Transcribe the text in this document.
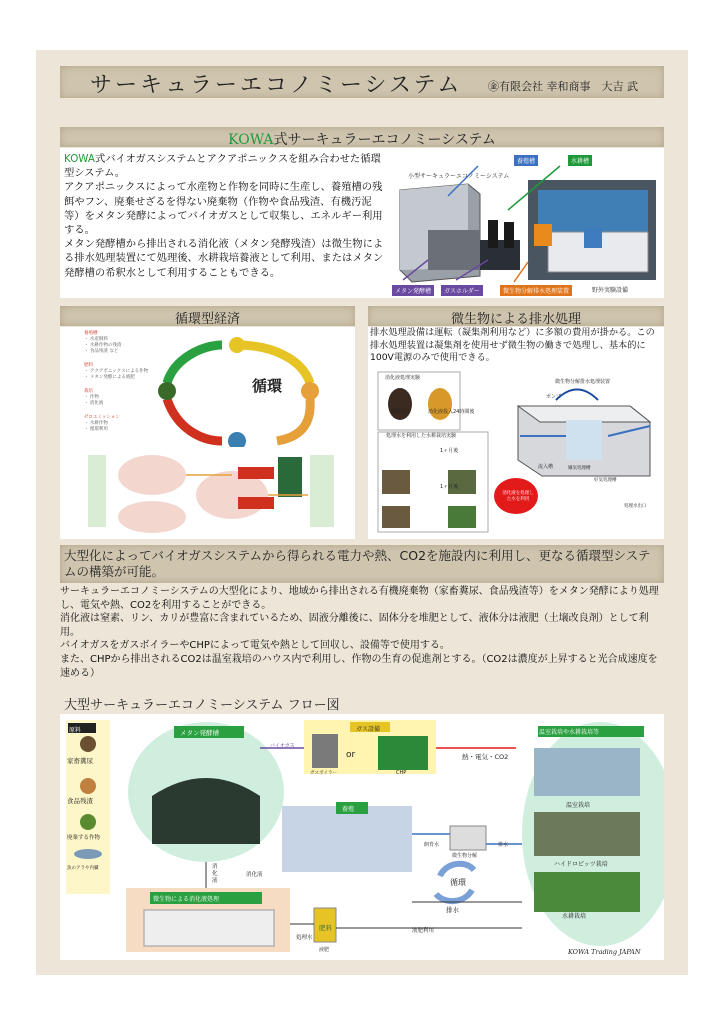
サーキュラーエコノミーシステム ㊎有限会社 幸和商事　大吉 武
KOWA式サーキュラーエコノミーシステム
KOWA式バイオガスシステムとアクアポニックスを組み合わせた循環型システム。
アクアポニックスによって水産物と作物を同時に生産し、養殖槽の残餌やフン、廃棄せざるを得ない廃棄物（作物や食品残渣、有機汚泥等）をメタン発酵によってバイオガスとして収集し、エネルギー利用する。
メタン発酵槽から排出される消化液（メタン発酵残渣）は微生物による排水処理装置にて処理後、水耕栽培養液として利用、またはメタン発酵槽の希釈水として利用することもできる。
小型サーキュラーエコノミーシステム
養殖槽	水耕槽
メタン発酵槽	ガスホルダー	微生物分解排水処理装置	野外実験設備
循環型経済
循環
養殖槽
・ 水産飼料
・ 水耕作物の残渣
・ 食品残渣 など
肥料
・ アクアポニックスによる作物
・ メタン発酵による液肥
栽培
・ 作物
・ 消化液
ゼロエミッション
・ 水耕作物
・ 循環利用
微生物による排水処理
排水処理設備は運転（凝集剤利用など）に多額の費用が掛かる。この排水処理装置は凝集剤を使用せず微生物の働きで処理し、基本的に100V電源のみで使用できる。
消化液処理実験
微生物分解排水処理装置
処理水を利用した水耕栽培実験
消化液	消化液投入24時間後
ポンプ
流入槽
1ヶ月後
1ヶ月後
消化液を処理した水を利用
嫌気処理槽
好気処理槽
処理水出口
大型化によってバイオガスシステムから得られる電力や熱、CO2を施設内に利用し、更なる循環型システムの構築が可能。
サーキュラーエコノミーシステムの大型化により、地域から排出される有機廃棄物（家畜糞尿、食品残渣等）をメタン発酵により処理し、電気や熱、CO2を利用することができる。
消化液は窒素、リン、カリが豊富に含まれているため、固液分離後に、固体分を堆肥として、液体分は液肥（土壌改良剤）として利用。
バイオガスをガスボイラーやCHPによって電気や熱として回収し、設備等で使用する。
また、CHPから排出されるCO2は温室栽培のハウス内で利用し、作物の生育の促進剤とする。（CO2は濃度が上昇すると光合成速度を速める）
大型サーキュラーエコノミーシステム フロー図
原料
家畜糞尿
食品残渣
廃棄する作物
魚のアラや内臓
メタン発酵槽
バイオガス
ガス設備
or
ガスボイラー	CHP
熱・電気・CO2
温室栽培や水耕栽培等
温室栽培
ハイドロピッツ栽培
水耕栽培
養殖
飼育水	排水
微生物分解
循環
排水
消化液
消化液
微生物による消化液処理
処理水
肥料
液肥
液肥利用
KOWA Trading JAPAN
